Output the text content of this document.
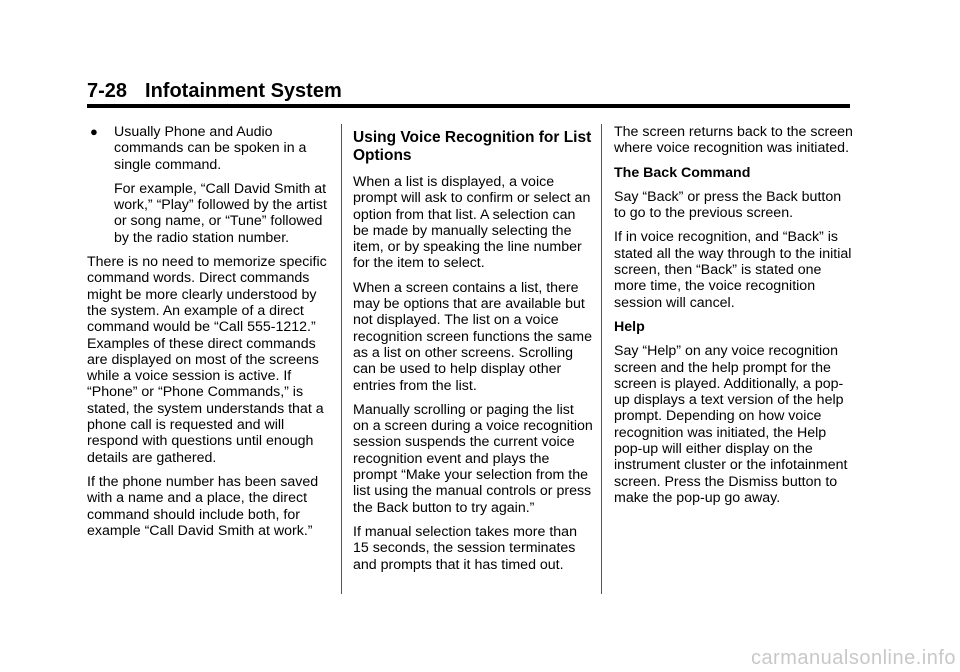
7-28 Infotainment System
● Usually Phone and Audio commands can be spoken in a single command.

For example, “Call David Smith at work,” “Play” followed by the artist or song name, or “Tune” followed by the radio station number.

There is no need to memorize specific command words. Direct commands might be more clearly understood by the system. An example of a direct command would be “Call 555-1212.” Examples of these direct commands are displayed on most of the screens while a voice session is active. If “Phone” or “Phone Commands,” is stated, the system understands that a phone call is requested and will respond with questions until enough details are gathered.

If the phone number has been saved with a name and a place, the direct command should include both, for example “Call David Smith at work.”

Using Voice Recognition for List Options

When a list is displayed, a voice prompt will ask to confirm or select an option from that list. A selection can be made by manually selecting the item, or by speaking the line number for the item to select.

When a screen contains a list, there may be options that are available but not displayed. The list on a voice recognition screen functions the same as a list on other screens. Scrolling can be used to help display other entries from the list.

Manually scrolling or paging the list on a screen during a voice recognition session suspends the current voice recognition event and plays the prompt “Make your selection from the list using the manual controls or press the Back button to try again.”

If manual selection takes more than 15 seconds, the session terminates and prompts that it has timed out.

The screen returns back to the screen where voice recognition was initiated.

The Back Command

Say “Back” or press the Back button to go to the previous screen.

If in voice recognition, and “Back” is stated all the way through to the initial screen, then “Back” is stated one more time, the voice recognition session will cancel.

Help

Say “Help” on any voice recognition screen and the help prompt for the screen is played. Additionally, a pop-up displays a text version of the help prompt. Depending on how voice recognition was initiated, the Help pop-up will either display on the instrument cluster or the infotainment screen. Press the Dismiss button to make the pop-up go away.

carmanualsonline.info
